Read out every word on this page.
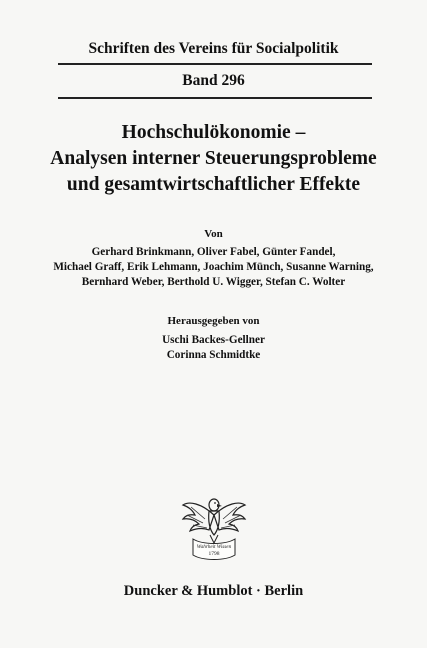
Schriften des Vereins für Socialpolitik
Band 296
Hochschulökonomie –
Analysen interner Steuerungsprobleme
und gesamtwirtschaftlicher Effekte
Von
Gerhard Brinkmann, Oliver Fabel, Günter Fandel,
Michael Graff, Erik Lehmann, Joachim Münch, Susanne Warning,
Bernhard Weber, Berthold U. Wigger, Stefan C. Wolter
Herausgegeben von
Uschi Backes-Gellner
Corinna Schmidtke
Wahrheit Wissen
1798
Duncker & Humblot · Berlin
